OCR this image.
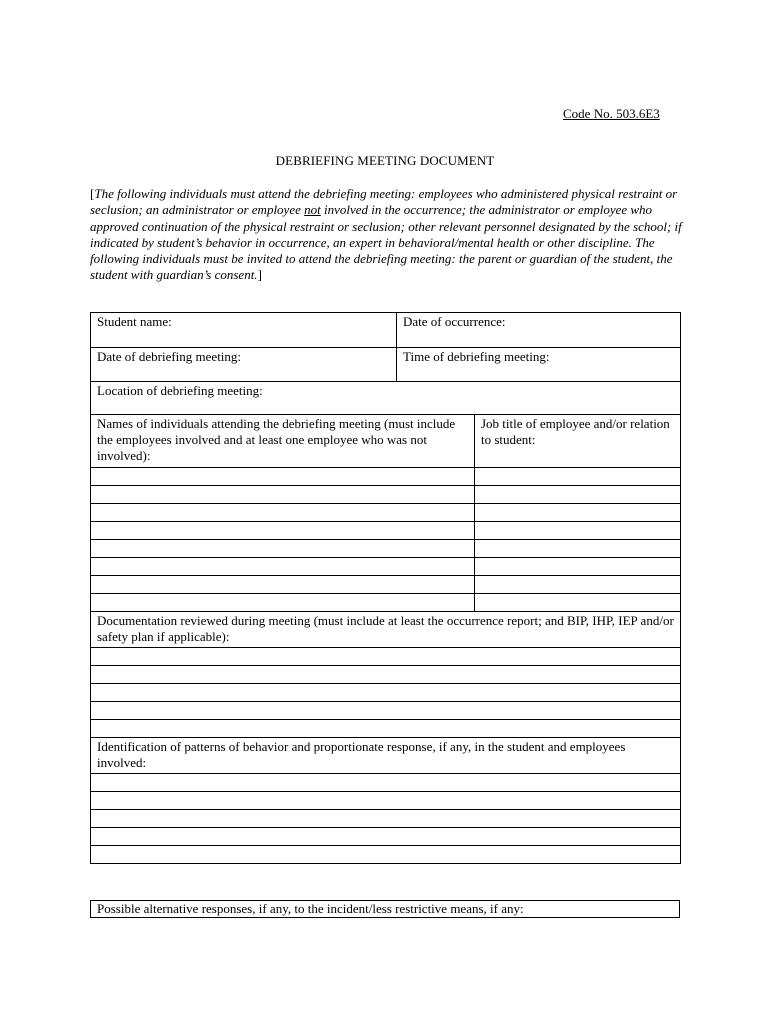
Code No. 503.6E3
DEBRIEFING MEETING DOCUMENT

[The following individuals must attend the debriefing meeting: employees who administered physical restraint or seclusion; an administrator or employee not involved in the occurrence; the administrator or employee who approved continuation of the physical restraint or seclusion; other relevant personnel designated by the school; if indicated by student’s behavior in occurrence, an expert in behavioral/mental health or other discipline. The following individuals must be invited to attend the debriefing meeting: the parent or guardian of the student, the student with guardian’s consent.]

Student name:	Date of occurrence:	

Date of debriefing meeting:	Time of debriefing meeting:	

Location of debriefing meeting:		

Names of individuals attending the debriefing meeting (must include the employees involved and at least one employee who was not involved):		Job title of employee and/or relation to student:

Documentation reviewed during meeting (must include at least the occurrence report; and BIP, IHP, IEP and/or safety plan if applicable):		

Identification of patterns of behavior and proportionate response, if any, in the student and employees involved:		

Possible alternative responses, if any, to the incident/less restrictive means, if any:
